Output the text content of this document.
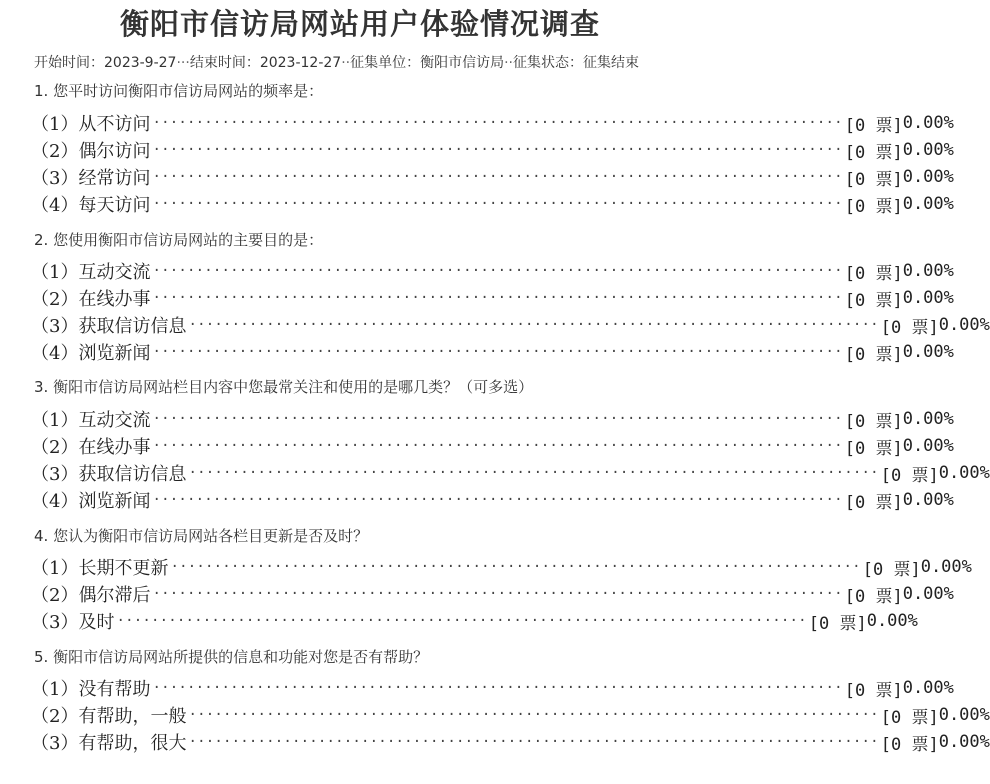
衡阳市信访局网站用户体验情况调查
开始时间：2023-9-27···结束时间：2023-12-27··征集单位：衡阳市信访局··征集状态：征集结束
1. 您平时访问衡阳市信访局网站的频率是：
（1）从不访问 ················································································ [0 票] 0.00%
（2）偶尔访问 ················································································ [0 票] 0.00%
（3）经常访问 ················································································ [0 票] 0.00%
（4）每天访问 ················································································ [0 票] 0.00%
2. 您使用衡阳市信访局网站的主要目的是：
（1）互动交流 ················································································ [0 票] 0.00%
（2）在线办事 ················································································ [0 票] 0.00%
（3）获取信访信息 ················································································ [0 票] 0.00%
（4）浏览新闻 ················································································ [0 票] 0.00%
3. 衡阳市信访局网站栏目内容中您最常关注和使用的是哪几类？（可多选）
（1）互动交流 ················································································ [0 票] 0.00%
（2）在线办事 ················································································ [0 票] 0.00%
（3）获取信访信息 ················································································ [0 票] 0.00%
（4）浏览新闻 ················································································ [0 票] 0.00%
4. 您认为衡阳市信访局网站各栏目更新是否及时？
（1）长期不更新 ················································································ [0 票] 0.00%
（2）偶尔滞后 ················································································ [0 票] 0.00%
（3）及时 ················································································ [0 票] 0.00%
5. 衡阳市信访局网站所提供的信息和功能对您是否有帮助？
（1）没有帮助 ················································································ [0 票] 0.00%
（2）有帮助，一般 ················································································ [0 票] 0.00%
（3）有帮助，很大 ················································································ [0 票] 0.00%
